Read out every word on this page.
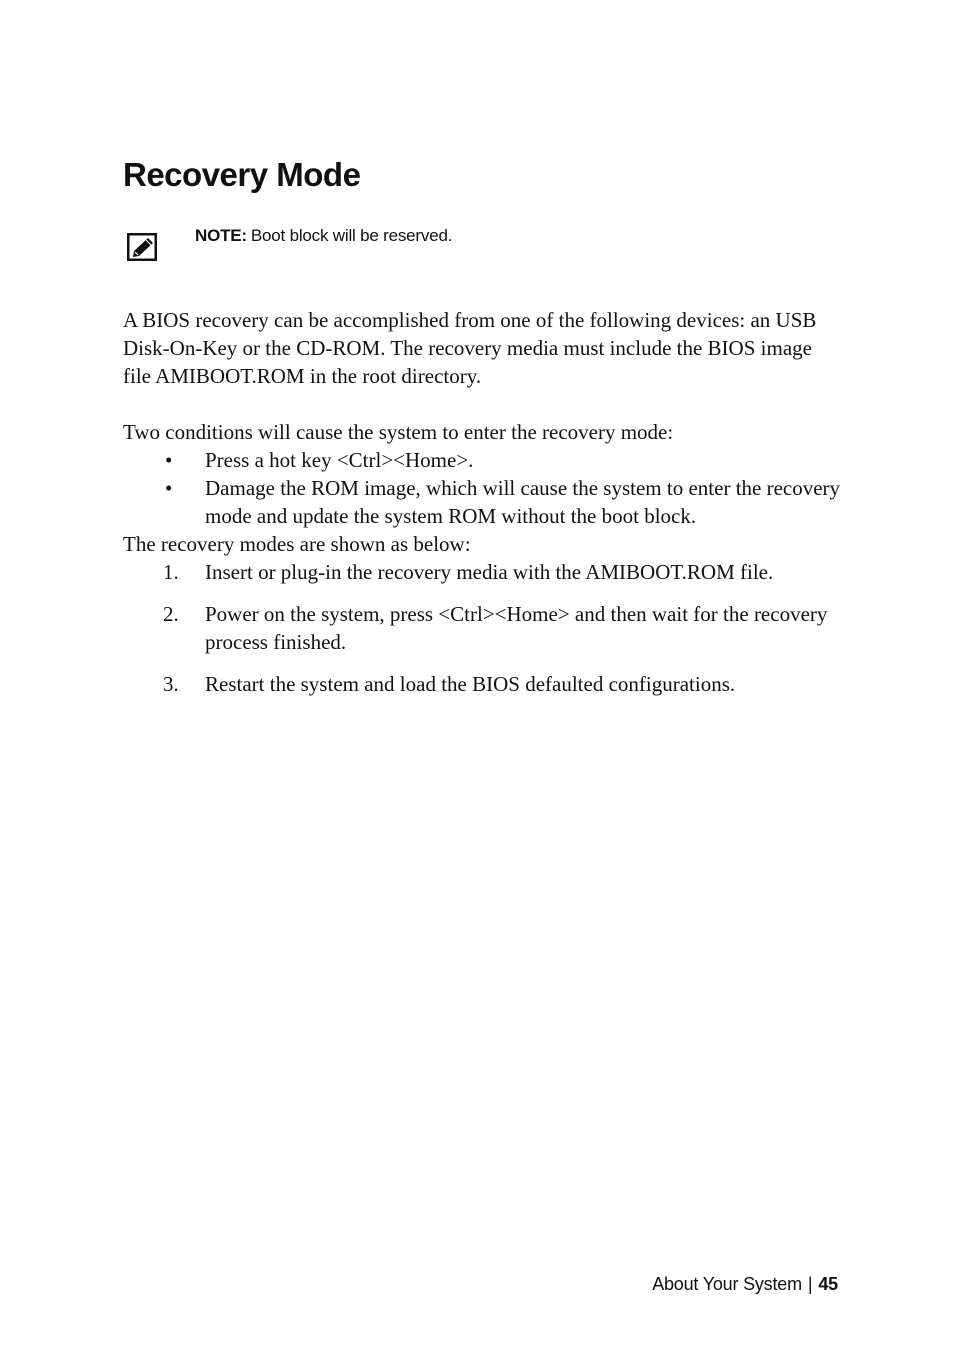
Recovery Mode
NOTE: Boot block will be reserved.

A BIOS recovery can be accomplished from one of the following devices: an USB Disk-On-Key or the CD-ROM. The recovery media must include the BIOS image file AMIBOOT.ROM in the root directory.

Two conditions will cause the system to enter the recovery mode:

• Press a hot key <Ctrl><Home>.
• Damage the ROM image, which will cause the system to enter the recovery mode and update the system ROM without the boot block.

The recovery modes are shown as below:

1. Insert or plug-in the recovery media with the AMIBOOT.ROM file.
2. Power on the system, press <Ctrl><Home> and then wait for the recovery process finished.
3. Restart the system and load the BIOS defaulted configurations.
About Your System | 45
